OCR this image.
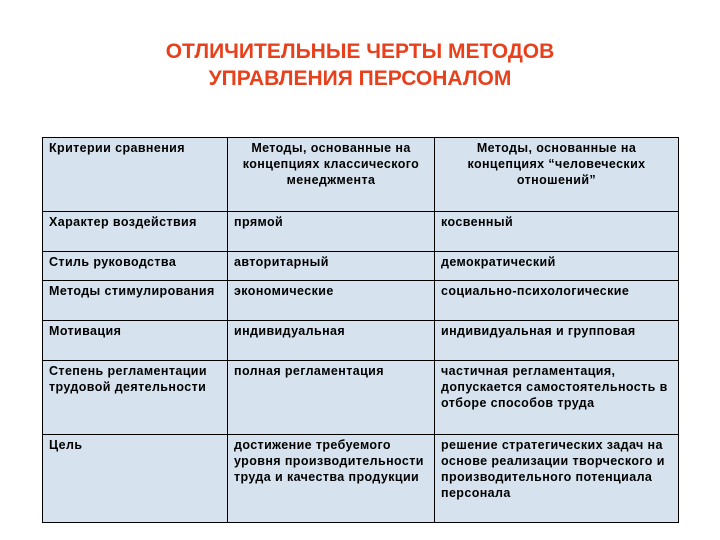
ОТЛИЧИТЕЛЬНЫЕ ЧЕРТЫ МЕТОДОВ
УПРАВЛЕНИЯ ПЕРСОНАЛОМ
Критерии сравнения	Методы, основанные на концепциях классического менеджмента	Методы, основанные на концепциях “человеческих отношений”
Характер воздействия	прямой	косвенный
Стиль руководства	авторитарный	демократический
Методы стимулирования	экономические	социально-психологические
Мотивация	индивидуальная	индивидуальная и групповая
Степень регламентации трудовой деятельности	полная регламентация	частичная регламентация, допускается самостоятельность в отборе способов труда
Цель	достижение требуемого уровня производительности труда и качества продукции	решение стратегических задач на основе реализации творческого и производительного потенциала персонала
